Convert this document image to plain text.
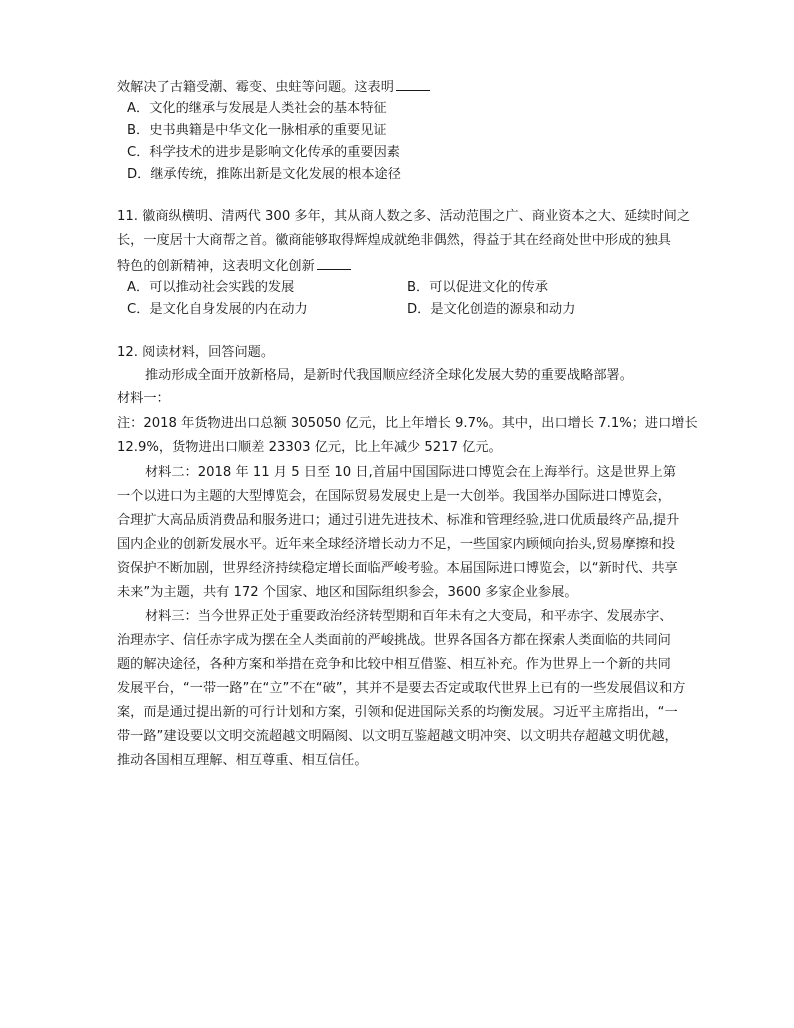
效解决了古籍受潮、霉变、虫蛀等问题。这表明
A．文化的继承与发展是人类社会的基本特征
B．史书典籍是中华文化一脉相承的重要见证
C．科学技术的进步是影响文化传承的重要因素
D．继承传统，推陈出新是文化发展的根本途径
11. 徽商纵横明、清两代 300 多年，其从商人数之多、活动范围之广、商业资本之大、延续时间之
长，一度居十大商帮之首。徽商能够取得辉煌成就绝非偶然，得益于其在经商处世中形成的独具
特色的创新精神，这表明文化创新
A．可以推动社会实践的发展	B．可以促进文化的传承
C．是文化自身发展的内在动力	D．是文化创造的源泉和动力
12. 阅读材料，回答问题。
推动形成全面开放新格局，是新时代我国顺应经济全球化发展大势的重要战略部署。
材料一：
注：2018 年货物进出口总额 305050 亿元，比上年增长 9.7%。其中，出口增长 7.1%；进口增长
12.9%，货物进出口顺差 23303 亿元，比上年减少 5217 亿元。
材料二：2018 年 11 月 5 日至 10 日,首届中国国际进口博览会在上海举行。这是世界上第
一个以进口为主题的大型博览会，在国际贸易发展史上是一大创举。我国举办国际进口博览会，
合理扩大高品质消费品和服务进口；通过引进先进技术、标准和管理经验,进口优质最终产品,提升
国内企业的创新发展水平。近年来全球经济增长动力不足，一些国家内顾倾向抬头,贸易摩擦和投
资保护不断加剧，世界经济持续稳定增长面临严峻考验。本届国际进口博览会，以“新时代、共享
未来”为主题，共有 172 个国家、地区和国际组织参会，3600 多家企业参展。
材料三：当今世界正处于重要政治经济转型期和百年未有之大变局，和平赤字、发展赤字、
治理赤字、信任赤字成为摆在全人类面前的严峻挑战。世界各国各方都在探索人类面临的共同问
题的解决途径，各种方案和举措在竞争和比较中相互借鉴、相互补充。作为世界上一个新的共同
发展平台，“一带一路”在“立”不在“破”，其并不是要去否定或取代世界上已有的一些发展倡议和方
案，而是通过提出新的可行计划和方案，引领和促进国际关系的均衡发展。习近平主席指出，“一
带一路”建设要以文明交流超越文明隔阂、以文明互鉴超越文明冲突、以文明共存超越文明优越，
推动各国相互理解、相互尊重、相互信任。
